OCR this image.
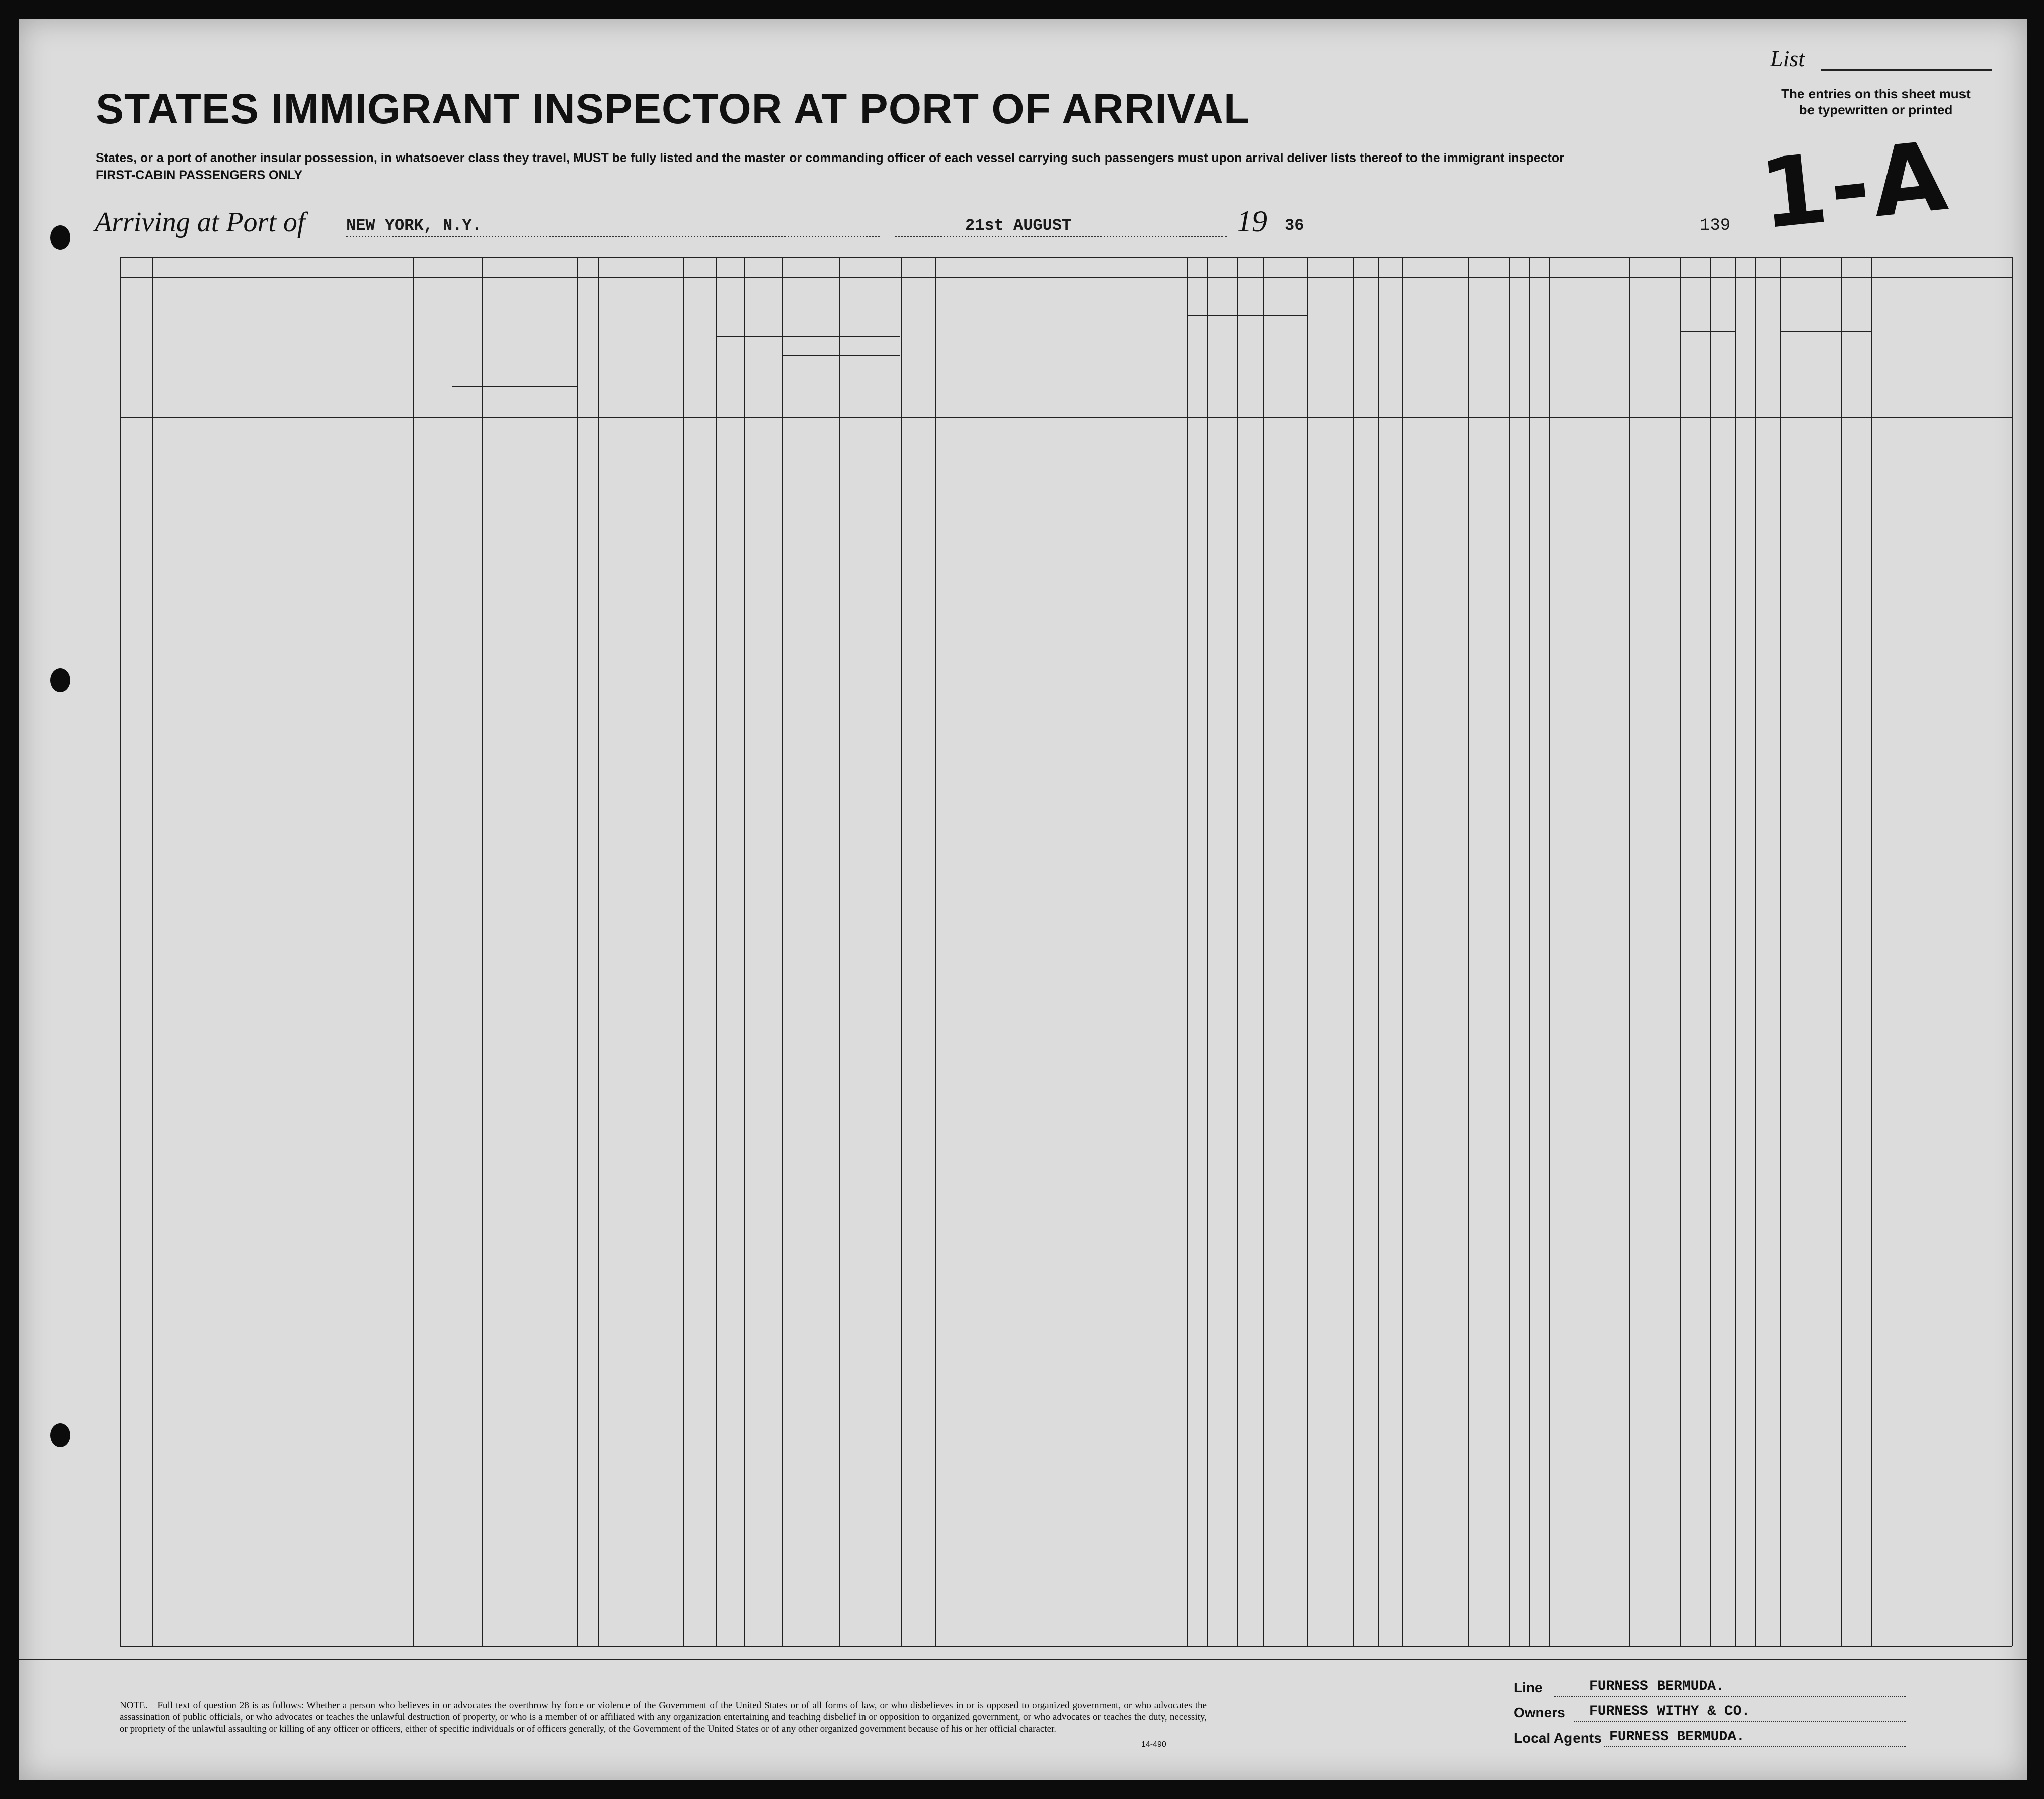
List
The entries on this sheet must
be typewritten or printed
1-A
STATES IMMIGRANT INSPECTOR AT PORT OF ARRIVAL
States, or a port of another insular possession, in whatsoever class they travel, MUST be fully listed and the master or commanding officer of each vessel carrying such passengers must upon arrival deliver lists thereof to the immigrant inspector
FIRST-CABIN PASSENGERS ONLY
Arriving at Port of	NEW YORK, N.Y.	21st AUGUST	19 36	139
NOTE.—Full text of question 28 is as follows: Whether a person who believes in or advocates the overthrow by force or violence of the Government of the United States or of all forms of law, or who disbelieves in or is opposed to organized government, or who advocates the assassination of public officials, or who advocates or teaches the unlawful destruction of property, or who is a member of or affiliated with any organization entertaining and teaching disbelief in or opposition to organized government, or who advocates or teaches the duty, necessity, or propriety of the unlawful assaulting or killing of any officer or officers, either of specific individuals or of officers generally, of the Government of the United States or of any other organized government because of his or her official character.
14-490
Line	FURNESS BERMUDA.
Owners FURNESS WITHY & CO.
Local Agents FURNESS BERMUDA.
